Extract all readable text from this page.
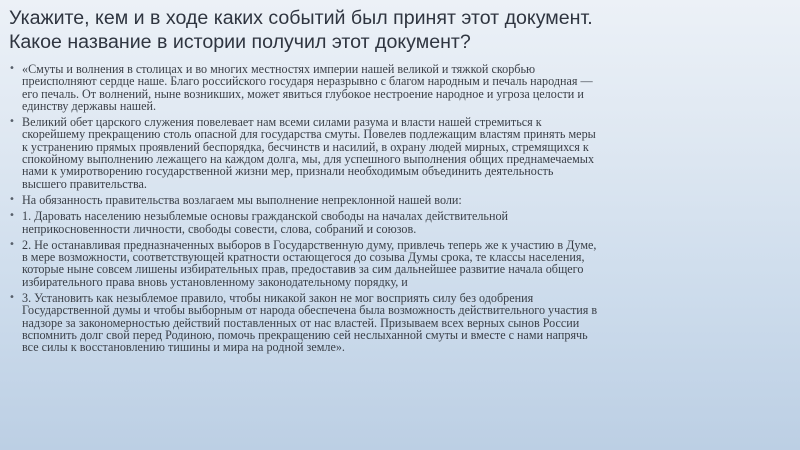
Укажите, кем и в ходе каких событий был принят этот документ.
Какое название в истории получил этот документ?
• «Смуты и волнения в столицах и во многих местностях империи нашей великой и тяжкой скорбью
преисполняют сердце наше. Благо российского государя неразрывно с благом народным и печаль народная —
его печаль. От волнений, ныне возникших, может явиться глубокое нестроение народное и угроза целости и
единству державы нашей.
• Великий обет царского служения повелевает нам всеми силами разума и власти нашей стремиться к
скорейшему прекращению столь опасной для государства смуты. Повелев подлежащим властям принять меры
к устранению прямых проявлений беспорядка, бесчинств и насилий, в охрану людей мирных, стремящихся к
спокойному выполнению лежащего на каждом долга, мы, для успешного выполнения общих преднамечаемых
нами к умиротворению государственной жизни мер, признали необходимым объединить деятельность
высшего правительства.
• На обязанность правительства возлагаем мы выполнение непреклонной нашей воли:
• 1. Даровать населению незыблемые основы гражданской свободы на началах действительной
неприкосновенности личности, свободы совести, слова, собраний и союзов.
• 2. Не останавливая предназначенных выборов в Государственную думу, привлечь теперь же к участию в Думе,
в мере возможности, соответствующей кратности остающегося до созыва Думы срока, те классы населения,
которые ныне совсем лишены избирательных прав, предоставив за сим дальнейшее развитие начала общего
избирательного права вновь установленному законодательному порядку, и
• 3. Установить как незыблемое правило, чтобы никакой закон не мог восприять силу без одобрения
Государственной думы и чтобы выборным от народа обеспечена была возможность действительного участия в
надзоре за закономерностью действий поставленных от нас властей. Призываем всех верных сынов России
вспомнить долг свой перед Родиною, помочь прекращению сей неслыханной смуты и вместе с нами напрячь
все силы к восстановлению тишины и мира на родной земле».
